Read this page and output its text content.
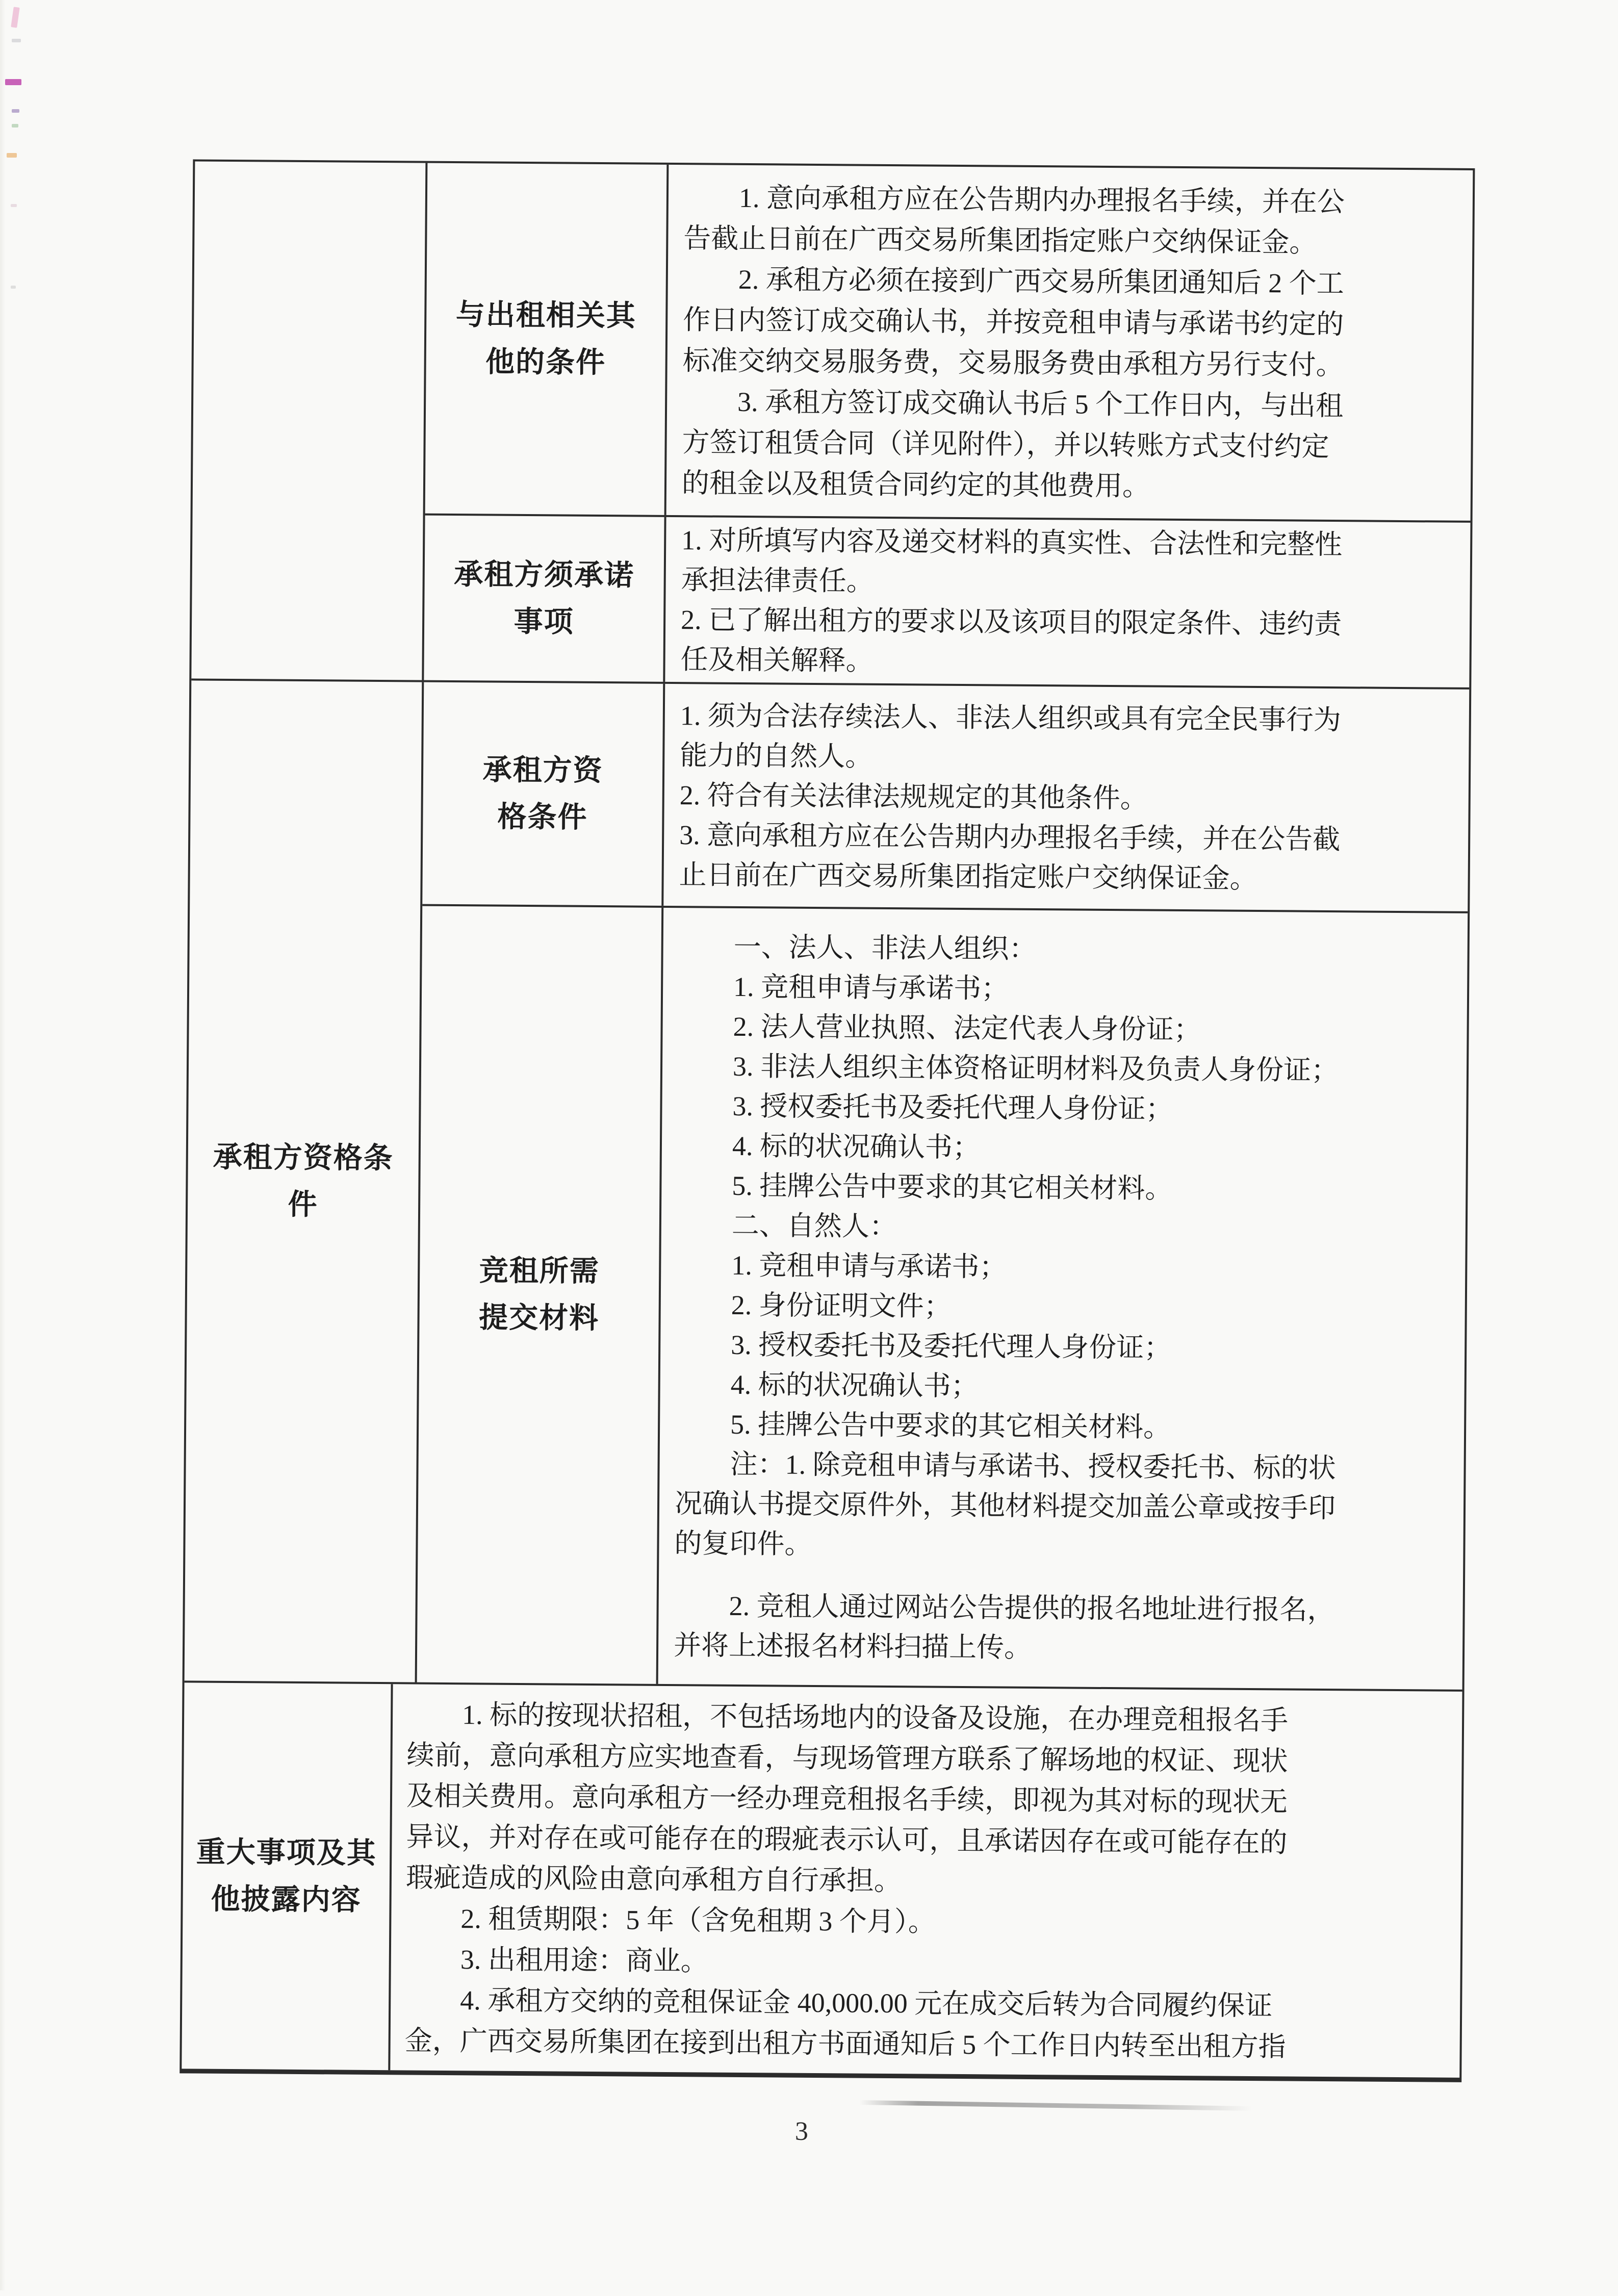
与出租相关其
他的条件

　　1. 意向承租方应在公告期内办理报名手续，并在公
告截止日前在广西交易所集团指定账户交纳保证金。

　　2. 承租方必须在接到广西交易所集团通知后 2 个工
作日内签订成交确认书，并按竞租申请与承诺书约定的
标准交纳交易服务费，交易服务费由承租方另行支付。

　　3. 承租方签订成交确认书后 5 个工作日内，与出租
方签订租赁合同（详见附件），并以转账方式支付约定
的租金以及租赁合同约定的其他费用。

承租方须承诺
事项

1. 对所填写内容及递交材料的真实性、合法性和完整性
承担法律责任。

2. 已了解出租方的要求以及该项目的限定条件、违约责
任及相关解释。

承租方资格条
件
承租方资
格条件

1. 须为合法存续法人、非法人组织或具有完全民事行为
能力的自然人。

2. 符合有关法律法规规定的其他条件。

3. 意向承租方应在公告期内办理报名手续，并在公告截
止日前在广西交易所集团指定账户交纳保证金。

竞租所需
提交材料

　　一、法人、非法人组织：

　　1. 竞租申请与承诺书；

　　2. 法人营业执照、法定代表人身份证；

　　3. 非法人组织主体资格证明材料及负责人身份证；

　　3. 授权委托书及委托代理人身份证；

　　4. 标的状况确认书；

　　5. 挂牌公告中要求的其它相关材料。

　　二、自然人：

　　1. 竞租申请与承诺书；

　　2. 身份证明文件；

　　3. 授权委托书及委托代理人身份证；

　　4. 标的状况确认书；

　　5. 挂牌公告中要求的其它相关材料。

　　注：1. 除竞租申请与承诺书、授权委托书、标的状
况确认书提交原件外，其他材料提交加盖公章或按手印
的复印件。

　　2. 竞租人通过网站公告提供的报名地址进行报名，
并将上述报名材料扫描上传。

重大事项及其
他披露内容

　　1. 标的按现状招租，不包括场地内的设备及设施，在办理竞租报名手
续前，意向承租方应实地查看，与现场管理方联系了解场地的权证、现状
及相关费用。意向承租方一经办理竞租报名手续，即视为其对标的现状无
异议，并对存在或可能存在的瑕疵表示认可，且承诺因存在或可能存在的
瑕疵造成的风险由意向承租方自行承担。

　　2. 租赁期限：5 年（含免租期 3 个月）。

　　3. 出租用途：商业。

　　4. 承租方交纳的竞租保证金 40,000.00 元在成交后转为合同履约保证
金，广西交易所集团在接到出租方书面通知后 5 个工作日内转至出租方指

3
